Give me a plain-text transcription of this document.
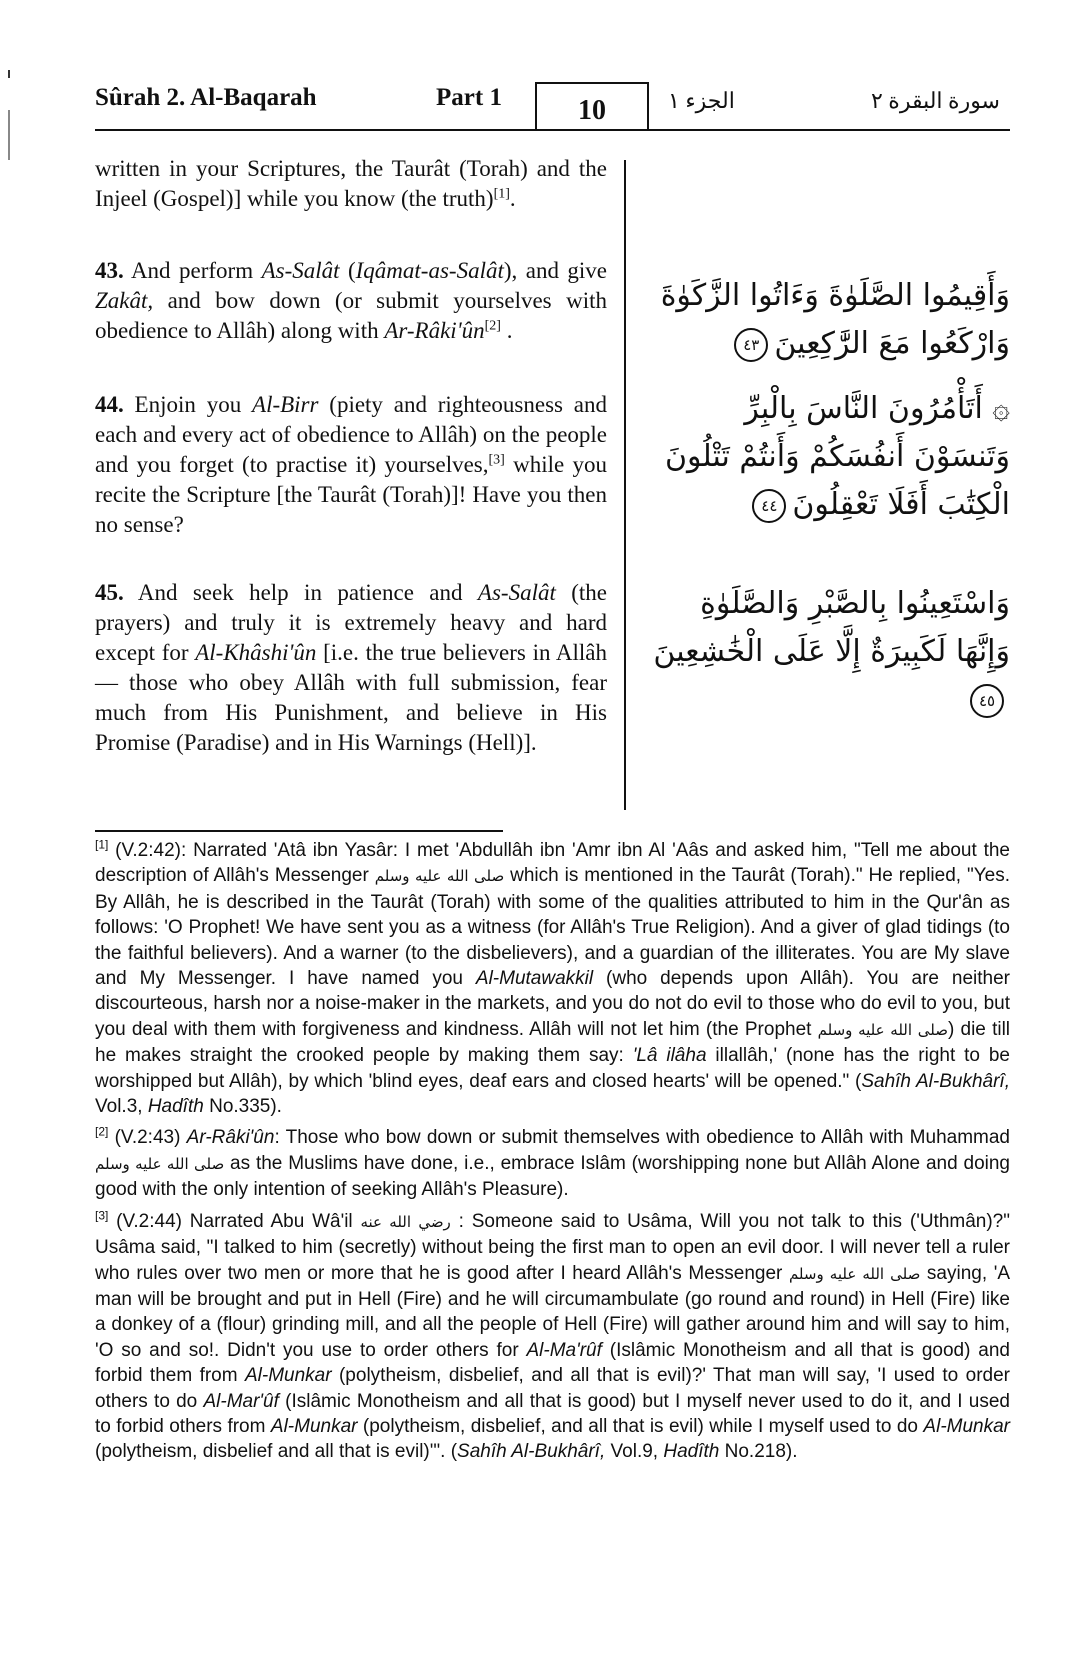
Sûrah 2. Al-Baqarah	Part 1	10	الجزء ١	سورة البقرة ٢

written in your Scriptures, the Taurât (Torah) and the Injeel (Gospel)] while you know (the truth)[1].

43. And perform As-Salât (Iqâmat-as-Salât), and give Zakât, and bow down (or submit yourselves with obedience to Allâh) along with Ar-Râki'ûn[2] .

44. Enjoin you Al-Birr (piety and righteousness and each and every act of obedience to Allâh) on the people and you forget (to practise it) yourselves,[3] while you recite the Scripture [the Taurât (Torah)]! Have you then no sense?

45. And seek help in patience and As-Salât (the prayers) and truly it is extremely heavy and hard except for Al-Khâshi'ûn [i.e. the true believers in Allâh — those who obey Allâh with full submission, fear much from His Punishment, and believe in His Promise (Paradise) and in His Warnings (Hell)].

وَأَقِيمُوا الصَّلَوٰةَ وَءَاتُوا الزَّكَوٰةَ وَارْكَعُوا مَعَ الرَّٰكِعِينَ٤٣
۞ أَتَأْمُرُونَ النَّاسَ بِالْبِرِّ وَتَنسَوْنَ أَنفُسَكُمْ وَأَنتُمْ تَتْلُونَ الْكِتَٰبَ أَفَلَا تَعْقِلُونَ٤٤
وَاسْتَعِينُوا بِالصَّبْرِ وَالصَّلَوٰةِ وَإِنَّهَا لَكَبِيرَةٌ إِلَّا عَلَى الْخَٰشِعِينَ٤٥

[1] (V.2:42): Narrated 'Atâ ibn Yasâr: I met 'Abdullâh ibn 'Amr ibn Al 'Aâs and asked him, "Tell me about the description of Allâh's Messenger صلى الله عليه وسلم which is mentioned in the Taurât (Torah)." He replied, "Yes. By Allâh, he is described in the Taurât (Torah) with some of the qualities attributed to him in the Qur'ân as follows: 'O Prophet! We have sent you as a witness (for Allâh's True Religion). And a giver of glad tidings (to the faithful believers). And a warner (to the disbelievers), and a guardian of the illiterates. You are My slave and My Messenger. I have named you Al-Mutawakkil (who depends upon Allâh). You are neither discourteous, harsh nor a noise-maker in the markets, and you do not do evil to those who do evil to you, but you deal with them with forgiveness and kindness. Allâh will not let him (the Prophet صلى الله عليه وسلم) die till he makes straight the crooked people by making them say: 'Lâ ilâha illallâh,' (none has the right to be worshipped but Allâh), by which 'blind eyes, deaf ears and closed hearts' will be opened." (Sahîh Al-Bukhârî, Vol.3, Hadîth No.335).

[2] (V.2:43) Ar-Râki'ûn: Those who bow down or submit themselves with obedience to Allâh with Muhammad صلى الله عليه وسلم as the Muslims have done, i.e., embrace Islâm (worshipping none but Allâh Alone and doing good with the only intention of seeking Allâh's Pleasure).

[3] (V.2:44) Narrated Abu Wâ'il رضي الله عنه : Someone said to Usâma, Will you not talk to this ('Uthmân)?" Usâma said, "I talked to him (secretly) without being the first man to open an evil door. I will never tell a ruler who rules over two men or more that he is good after I heard Allâh's Messenger صلى الله عليه وسلم saying, 'A man will be brought and put in Hell (Fire) and he will circumambulate (go round and round) in Hell (Fire) like a donkey of a (flour) grinding mill, and all the people of Hell (Fire) will gather around him and will say to him, 'O so and so!. Didn't you use to order others for Al-Ma'rûf (Islâmic Monotheism and all that is good) and forbid them from Al-Munkar (polytheism, disbelief, and all that is evil)?' That man will say, 'I used to order others to do Al-Mar'ûf (Islâmic Monotheism and all that is good) but I myself never used to do it, and I used to forbid others from Al-Munkar (polytheism, disbelief, and all that is evil) while I myself used to do Al-Munkar (polytheism, disbelief and all that is evil)'". (Sahîh Al-Bukhârî, Vol.9, Hadîth No.218).
